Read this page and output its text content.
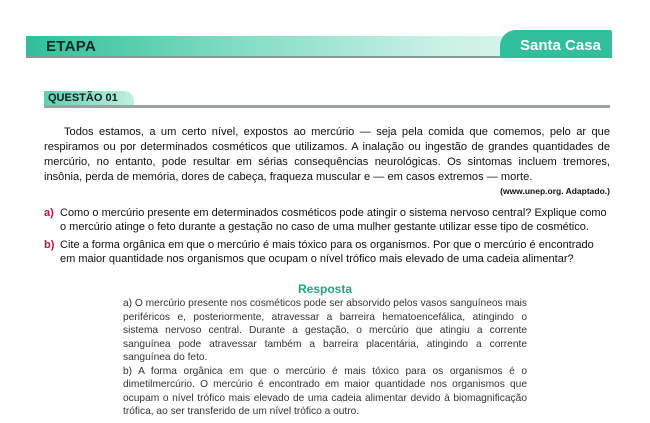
ETAPA	Santa Casa
QUESTÃO 01

Todos estamos, a um certo nível, expostos ao mercúrio — seja pela comida que comemos, pelo ar que respiramos ou por determinados cosméticos que utilizamos. A inalação ou ingestão de grandes quantidades de mercúrio, no entanto, pode resultar em sérias consequências neurológicas. Os sintomas incluem tremores, insônia, perda de memória, dores de cabeça, fraqueza muscular e — em casos extremos — morte.

(www.unep.org. Adaptado.)
a) Como o mercúrio presente em determinados cosméticos pode atingir o sistema nervoso central? Explique como o mercúrio atinge o feto durante a gestação no caso de uma mulher gestante utilizar esse tipo de cosmético.
b) Cite a forma orgânica em que o mercúrio é mais tóxico para os organismos. Por que o mercúrio é encontrado em maior quantidade nos organismos que ocupam o nível trófico mais elevado de uma cadeia alimentar?
Resposta

a) O mercúrio presente nos cosméticos pode ser absorvido pelos vasos sanguíneos mais periféricos e, posteriormente, atravessar a barreira hematoencefálica, atingindo o sistema nervoso central. Durante a gestação, o mercúrio que atingiu a corrente sanguínea pode atravessar também a barreira placentária, atingindo a corrente sanguínea do feto.

b) A forma orgânica em que o mercúrio é mais tóxico para os organismos é o dimetilmercúrio. O mercúrio é encontrado em maior quantidade nos organismos que ocupam o nível trófico mais elevado de uma cadeia alimentar devido à biomagnificação trófica, ao ser transferido de um nível trófico a outro.
